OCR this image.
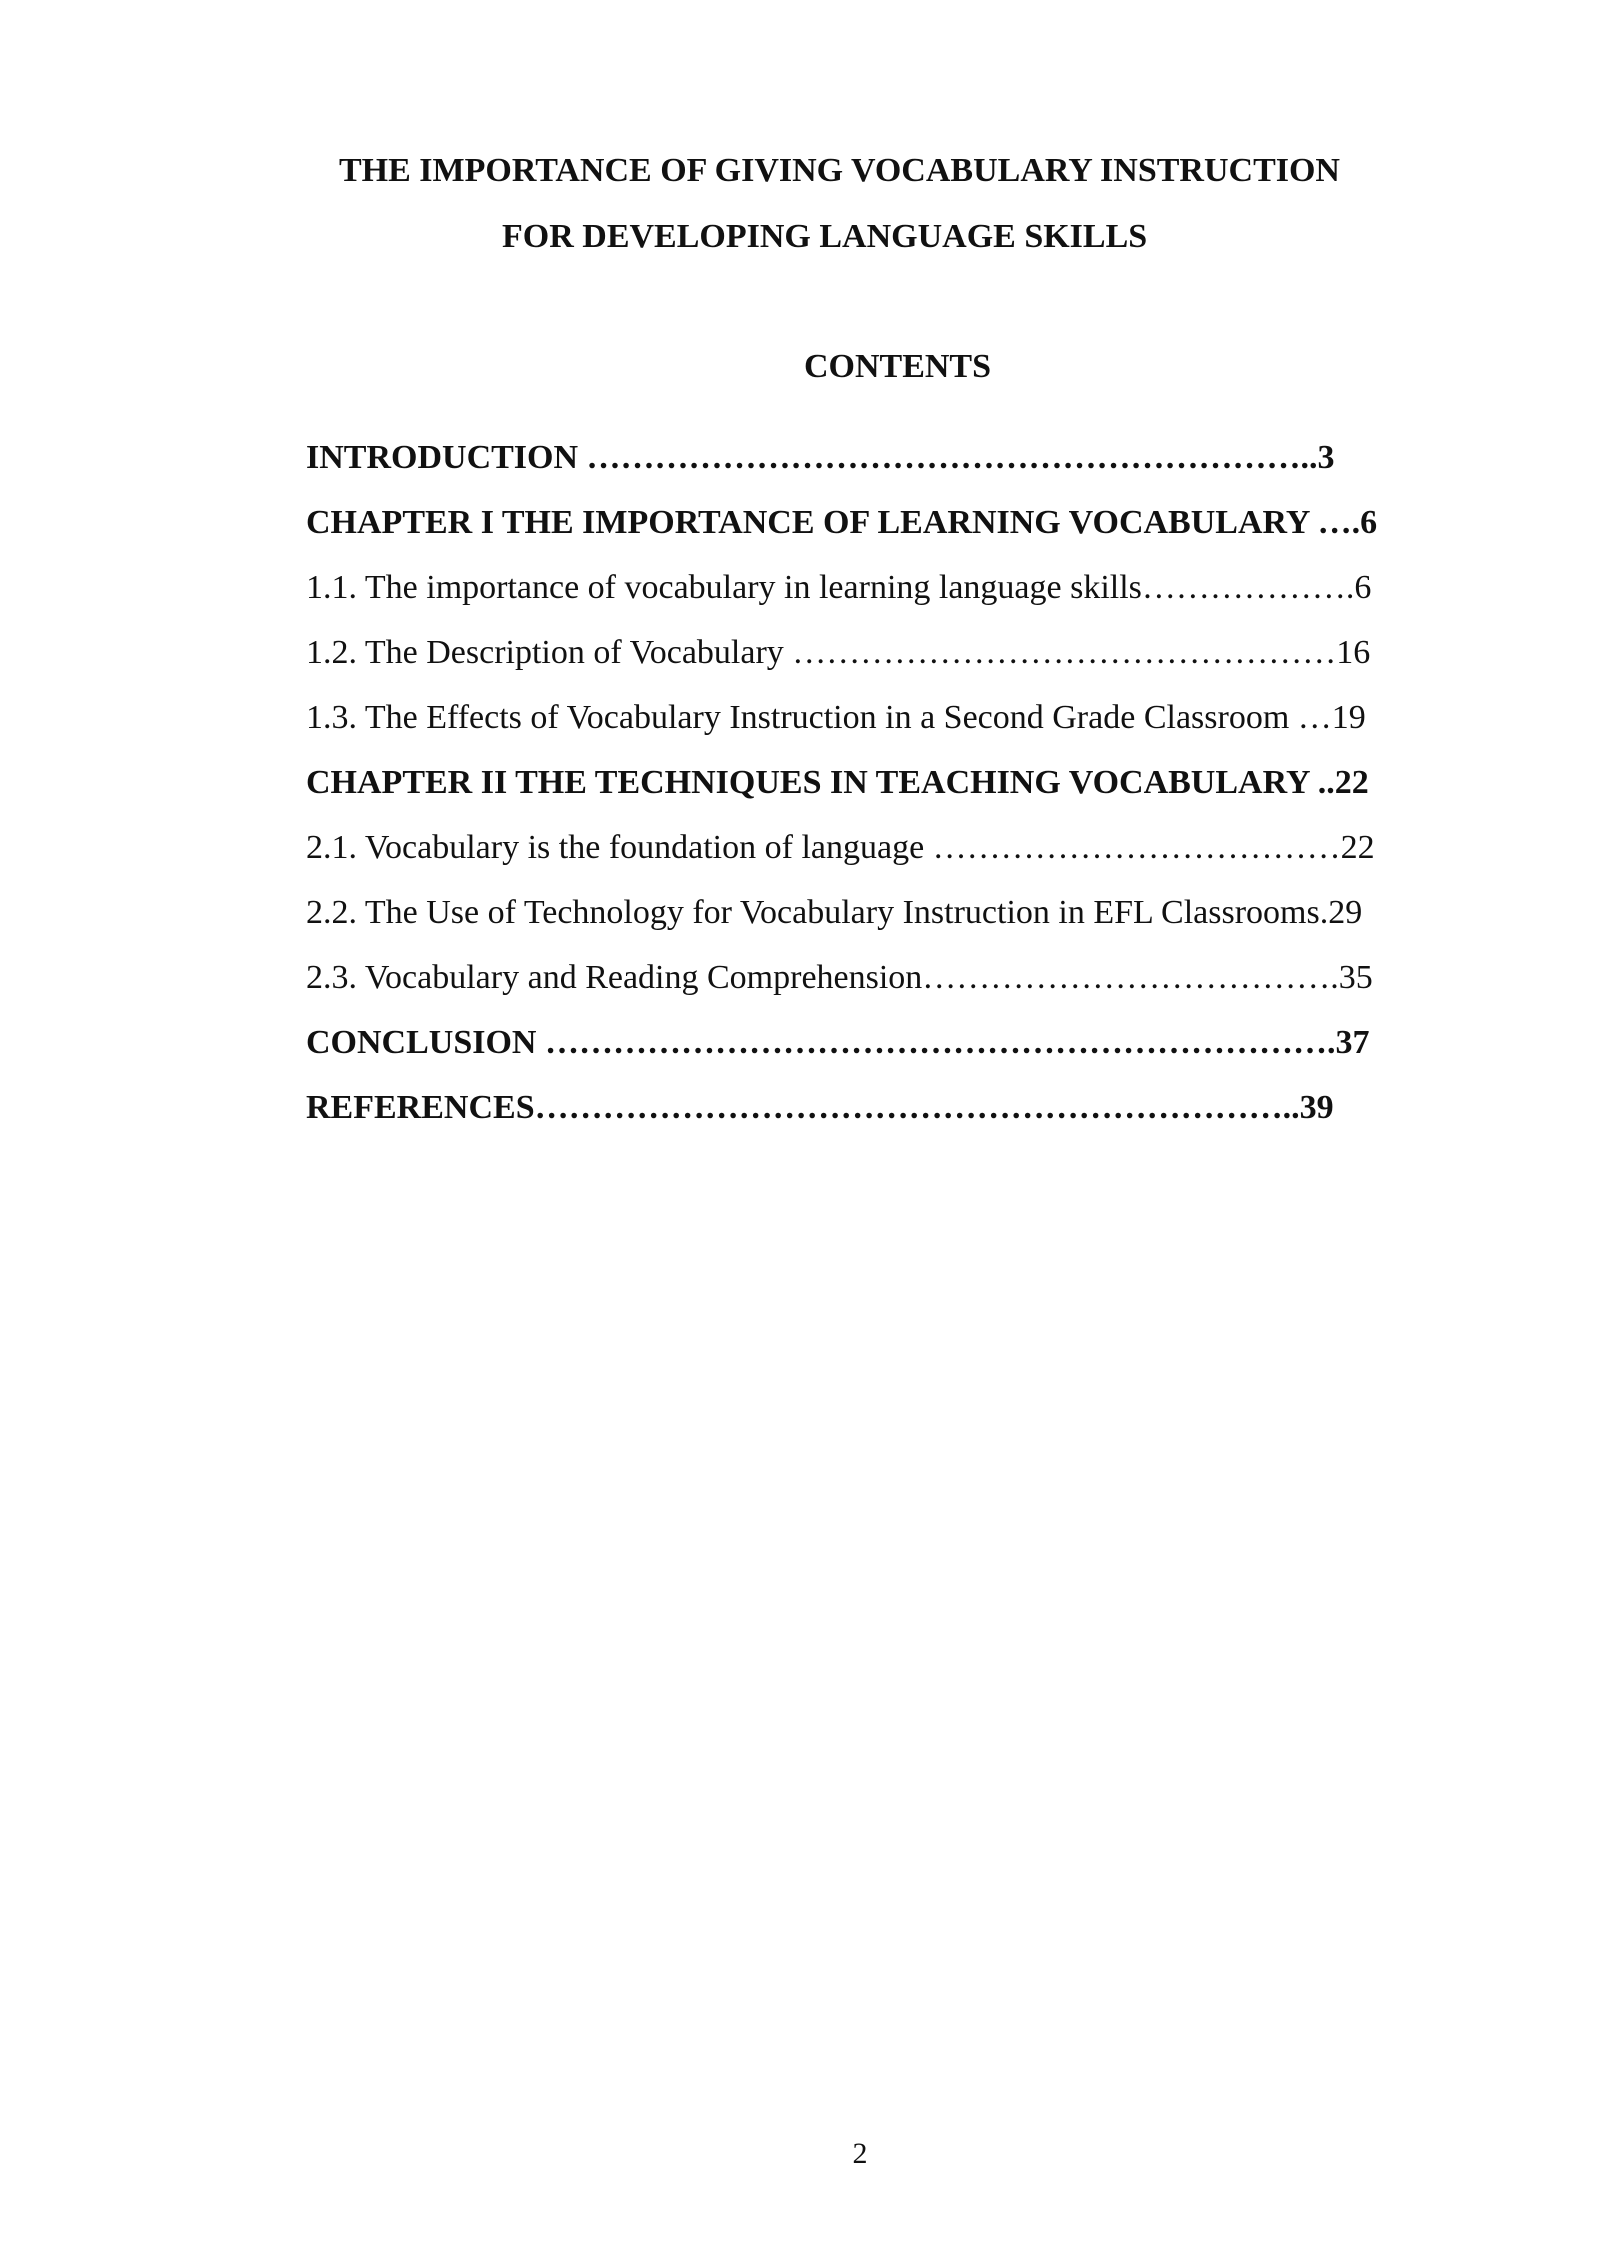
THE IMPORTANCE OF GIVING VOCABULARY INSTRUCTION
FOR DEVELOPING LANGUAGE SKILLS
CONTENTS
INTRODUCTION ………………………………………………………..3
CHAPTER I THE IMPORTANCE OF LEARNING VOCABULARY ….6
1.1. The importance of vocabulary in learning language skills……………….6
1.2. The Description of Vocabulary …………………………………………16
1.3. The Effects of Vocabulary Instruction in a Second Grade Classroom …19
CHAPTER II THE TECHNIQUES IN TEACHING VOCABULARY ..22
2.1. Vocabulary is the foundation of language ………………………………22
2.2. The Use of Technology for Vocabulary Instruction in EFL Classrooms.29
2.3. Vocabulary and Reading Comprehension……………………………….35
CONCLUSION …………………………………………………………….37
REFERENCES…………………………………………………………..39
2
